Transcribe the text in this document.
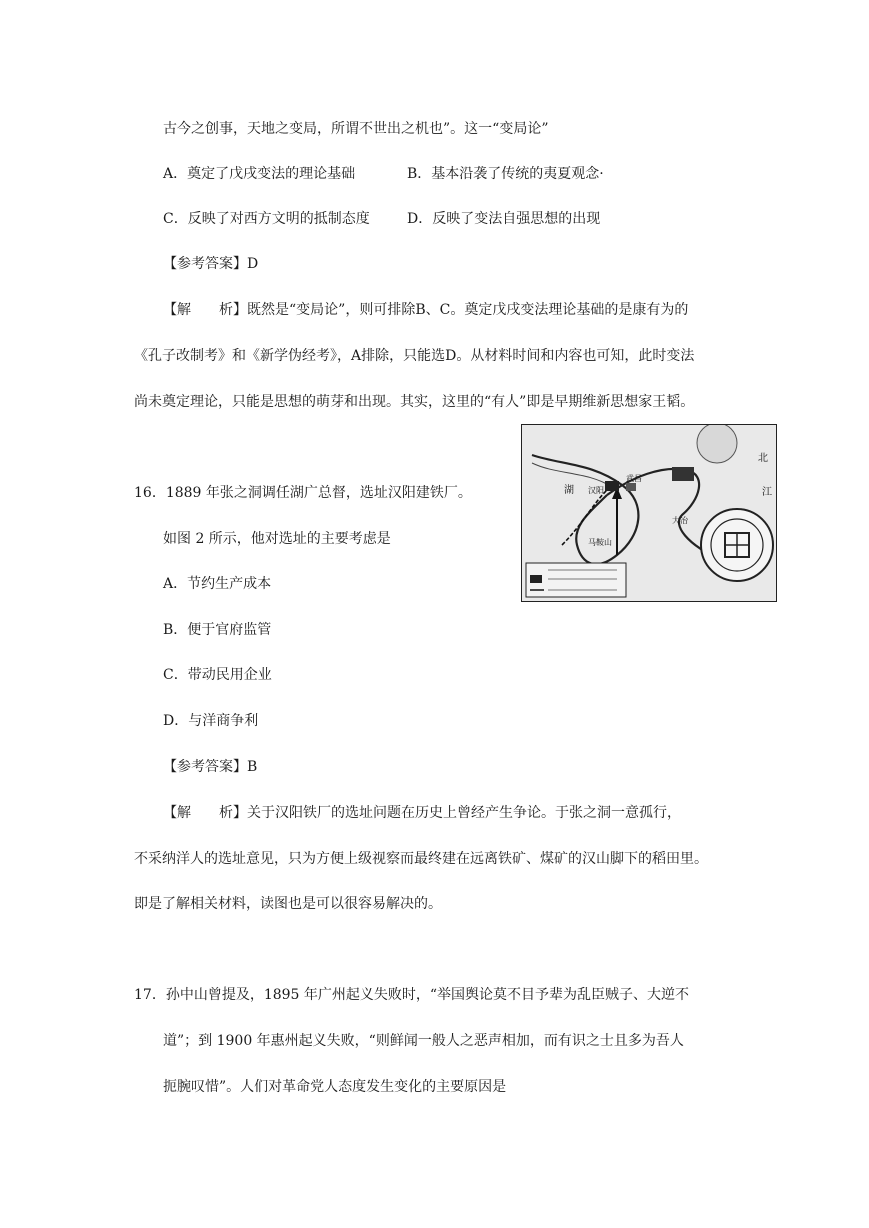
古今之创事，天地之变局，所谓不世出之机也”。这一“变局论”
A．奠定了戊戌变法的理论基础	B．基本沿袭了传统的夷夏观念·
C．反映了对西方文明的抵制态度	D．反映了变法自强思想的出现
【参考答案】D
【解　　析】既然是“变局论”，则可排除B、C。奠定戊戌变法理论基础的是康有为的
《孔子改制考》和《新学伪经考》，A排除，只能选D。从材料时间和内容也可知，此时变法
尚未奠定理论，只能是思想的萌芽和出现。其实，这里的“有人”即是早期维新思想家王韬。
16．1889 年张之洞调任湖广总督，选址汉阳建铁厂。
如图 2 所示，他对选址的主要考虑是
A．节约生产成本
B．便于官府监管
C．带动民用企业
D．与洋商争利
【参考答案】B
【解　　析】关于汉阳铁厂的选址问题在历史上曾经产生争论。于张之洞一意孤行，
不采纳洋人的选址意见，只为方便上级视察而最终建在远离铁矿、煤矿的汉山脚下的稻田里。
即是了解相关材料，读图也是可以很容易解决的。
湖 汉阳
武昌
北
江
马鞍山
大冶
17．孙中山曾提及，1895 年广州起义失败时，“举国舆论莫不目予辈为乱臣贼子、大逆不
道”；到 1900 年惠州起义失败，“则鲜闻一般人之恶声相加，而有识之士且多为吾人
扼腕叹惜”。人们对革命党人态度发生变化的主要原因是
